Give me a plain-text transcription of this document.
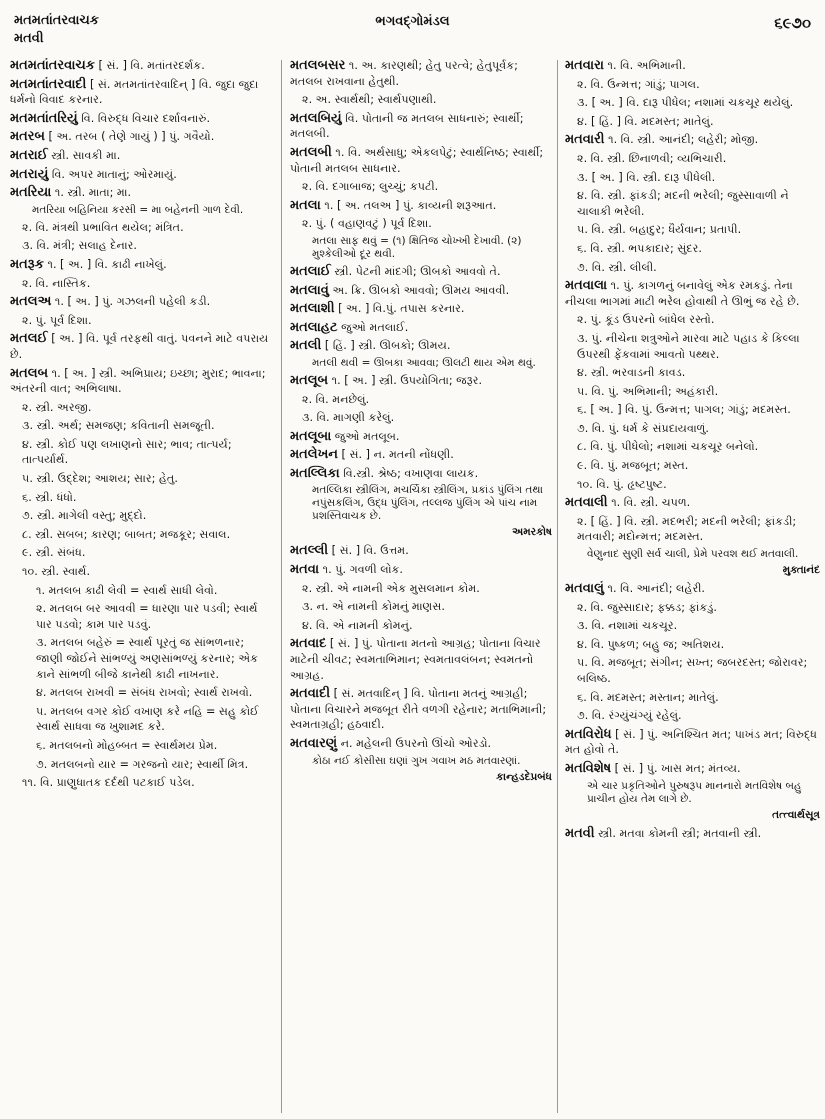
મતમતાંતરવાચક
મતવી
ભગવદ્ગોમંડલ	૬૯૭૦
મતમતાંતરવાચક [ સં. ] વિ. મતાંતરદર્શક.
મતમતાંતરવાદી [ સં. મતમતાંતરવાદિન્ ] વિ. જુદા જુદા ધર્મનો વિવાદ કરનાર.
મતમતાંતરિયું વિ. વિરુદ્ધ વિચાર દર્શાવનારું.
મતરબ [ અ. તરબ ( તેણે ગાયું ) ] પું. ગવૈયો.
મતરાઈ સ્ત્રી. સાવકી મા.
મતરાયું વિ. અપર માતાનું; ઓરમાયું.
મતરિયા ૧. સ્ત્રી. માતા; મા.
મતરિયા બહિનિયા કરસી = મા બહેનની ગાળ દેવી.
૨. વિ. મંત્રથી પ્રભાવિત થયેલ; મંત્રિત.
૩. વિ. મંત્રી; સલાહ દેનાર.
મતરૂક ૧. [ અ. ] વિ. કાઢી નાખેલું.
૨. વિ. નાસ્તિક.
મતલઅ ૧. [ અ. ] પું. ગઝલની પહેલી કડી.
૨. પું. પૂર્વ દિશા.
મતલઈ [ અ. ] વિ. પૂર્વ તરફથી વાતું. પવનને માટે વપરાય છે.
મતલબ ૧. [ અ. ] સ્ત્રી. અભિપ્રાય; ઇચ્છા; મુરાદ; ભાવના; અંતરની વાત; અભિલાષા.
૨. સ્ત્રી. અરજી.
૩. સ્ત્રી. અર્થ; સમજણ; કવિતાની સમજૂતી.
૪. સ્ત્રી. કોઈ પણ લખાણનો સાર; ભાવ; તાત્પર્ય; તાત્પર્યાર્થ.
૫. સ્ત્રી. ઉદ્દેશ; આશય; સાર; હેતુ.
૬. સ્ત્રી. ધંધો.
૭. સ્ત્રી. માગેલી વસ્તુ; મુદ્દો.
૮. સ્ત્રી. સબબ; કારણ; બાબત; મજકૂર; સવાલ.
૯. સ્ત્રી. સંબંધ.
૧૦. સ્ત્રી. સ્વાર્થ.
૧. મતલબ કાઢી લેવી = સ્વાર્થ સાધી લેવો.
૨. મતલબ બર આવવી = ધારણા પાર પડવી; સ્વાર્થ પાર પડવો; કામ પાર પડવું.
૩. મતલબ બહેરું = સ્વાર્થ પૂરતું જ સાંભળનાર; જાણી જોઈને સાંભળ્યું અણસાંભળ્યું કરનાર; એક કાને સાંભળી બીજે કાનેથી કાઢી નાખનાર.
૪. મતલબ રાખવી = સંબંધ રાખવો; સ્વાર્થ રાખવો.
૫. મતલબ વગર કોઈ વખાણ કરે નહિ = સહુ કોઈ સ્વાર્થ સાધવા જ ખુશામદ કરે.
૬. મતલબનો મોહબ્બત = સ્વાર્થમય પ્રેમ.
૭. મતલબનો યાર = ગરજનો યાર; સ્વાર્થી મિત્ર.
૧૧. વિ. પ્રાણુધાતક દર્દથી પટકાઈ પડેલ.
મતલબસર ૧. અ. કારણથી; હેતુ પરત્વે; હેતુપૂર્વક; મતલબ રાખવાના હેતુથી.
૨. અ. સ્વાર્થથી; સ્વાર્થપણાથી.
મતલબિયું વિ. પોતાની જ મતલબ સાધનારું; સ્વાર્થી; મતલબી.
મતલબી ૧. વિ. અર્થસાધુ; એકલપેટું; સ્વાર્થનિષ્ઠ; સ્વાર્થી; પોતાની મતલબ સાધનાર.
૨. વિ. દગાબાજ; લુચ્ચું; કપટી.
મતલા ૧. [ અ. તલઅ ] પું. કાવ્યની શરૂઆત.
૨. પું. ( વહાણવટું ) પૂર્વ દિશા.
મતલા સાફ થવું = (૧) ક્ષિતિજ ચોખ્ખી દેખાવી. (૨) મુશ્કેલીઓ દૂર થવી.
મતલાઈ સ્ત્રી. પેટની માંદગી; ઊબકો આવવો તે.
મતલાવું અ. ક્રિ. ઊબકો આવવો; ઊમય આવવી.
મતલાશી [ અ. ] વિ.પું. તપાસ કરનાર.
મતલાહટ જુઓ મતલાઈ.
મતલી [ હિં. ] સ્ત્રી. ઊબકો; ઊમય.
મતલી થવી = ઊબકા આવવા; ઊલટી થાય એમ થવું.
મતલૂબ ૧. [ અ. ] સ્ત્રી. ઉપયોગિતા; જરૂર.
૨. વિ. મનછેલું.
૩. વિ. માગણી કરેલું.
મતલૂબા જુઓ મતલૂબ.
મતલેખન [ સં. ] ન. મતની નોંધણી.
મતલ્લિકા વિ.સ્ત્રી. શ્રેષ્ઠ; વખાણવા લાયક.
મતલ્લિકા સ્ત્રીલિંગ, મચર્ચિકા સ્ત્રીલિંગ, પ્રકાંડ પુંલિંગ તથા નપુંસકલિંગ, ઉદ્ધ પુંલિંગ, તલ્લજ પુંલિંગ એ પાંચ નામ પ્રશસ્તિવાચક છે.
અમરકોષ
મતલ્લી [ સં. ] વિ. ઉત્તમ.
મતવા ૧. પું. ગવળી લોક.
૨. સ્ત્રી. એ નામની એક મુસલમાન કોમ.
૩. ન. એ નામની કોમનું માણસ.
૪. વિ. એ નામની કોમનું.
મતવાદ [ સં. ] પું. પોતાના મતનો આગ્રહ; પોતાના વિચાર માટેની ચીવટ; સ્વમતાભિમાન; સ્વમતાવલંબન; સ્વમતનો આગ્રહ.
મતવાદી [ સં. મતવાદિન્ ] વિ. પોતાના મતનું આગ્રહી; પોતાના વિચારને મજબૂત રીતે વળગી રહેનાર; મતાભિમાની; સ્વમતાગ્રહી; હઠવાદી.
મતવારણું ન. મહેલની ઉપરનો ઊંચો ઓરડો.
કોઠા નઈ કોસીસા ઘણાં ગુખ ગવાખ મઠ મતવારણાં.
કાન્હડદેપ્રબંધ
મતવારા ૧. વિ. અભિમાની.
૨. વિ. ઉન્મત્ત; ગાંડું; પાગલ.
૩. [ અ. ] વિ. દારૂ પીધેલ; નશામાં ચકચૂર થયેલું.
૪. [ હિં. ] વિ. મદમસ્ત; માતેલું.
મતવારી ૧. વિ. સ્ત્રી. આનંદી; લહેરી; મોજી.
૨. વિ. સ્ત્રી. છિનાળવી; વ્યભિચારી.
૩. [ અ. ] વિ. સ્ત્રી. દારૂ પીધેલી.
૪. વિ. સ્ત્રી. ફાંકડી; મદની ભરેલી; જુસ્સાવાળી ને ચાલાકી ભરેલી.
૫. વિ. સ્ત્રી. બહાદુર; ધૈર્યવાન; પ્રતાપી.
૬. વિ. સ્ત્રી. ભપકાદાર; સુંદર.
૭. વિ. સ્ત્રી. લીલી.
મતવાલા ૧. પું. કાગળનું બનાવેલું એક રમકડું. તેના નીચલા ભાગમાં માટી ભરેલ હોવાથી તે ઊભું જ રહે છે.
૨. પું. કૂંડ ઉપરનો બાંધેલ રસ્તો.
૩. પું. નીચેના શત્રુઓને મારવા માટે પહાડ કે કિલ્લા ઉપરથી ફેંકવામાં આવતો પથ્થર.
૪. સ્ત્રી. ભરવાડની કાવડ.
૫. વિ. પું. અભિમાની; અહંકારી.
૬. [ અ. ] વિ. પું. ઉન્મત્ત; પાગલ; ગાંડું; મદમસ્ત.
૭. વિ. પું. ધર્મ કે સંપ્રદાયવાળું.
૮. વિ. પું. પીધેલો; નશામાં ચકચૂર બનેલો.
૯. વિ. પું. મજબૂત; મસ્ત.
૧૦. વિ. પું. હૃષ્ટપુષ્ટ.
મતવાલી ૧. વિ. સ્ત્રી. ચપળ.
૨. [ હિં. ] વિ. સ્ત્રી. મદભરી; મદની ભરેલી; ફાંકડી; મતવારી; મદોન્મત્ત; મદમસ્ત.
વેણુનાદ સુણી સર્વ ચાલી, પ્રેમે પરવશ થઈ મતવાલી.
મુક્તાનંદ
મતવાલું ૧. વિ. આનંદી; લહેરી.
૨. વિ. જુસ્સાદાર; ફક્કડ; ફાંકડું.
૩. વિ. નશામાં ચકચૂર.
૪. વિ. પુષ્કળ; બહુ જ; અતિશય.
૫. વિ. મજબૂત; સંગીન; સખ્ત; જબરદસ્ત; જોરાવર; બલિષ્ઠ.
૬. વિ. મદમસ્ત; મસ્તાન; માતેલું.
૭. વિ. રંગ્યુંચંગ્યું રહેલું.
મતવિરોધ [ સં. ] પું. અનિશ્ચિત મત; પાખંડ મત; વિરુદ્ધ મત હોવો તે.
મતવિશેષ [ સં. ] પું. ખાસ મત; મંતવ્ય.
એ ચાર પ્રકૃતિઓને પુરુષરૂપ માનનારો મતવિશેષ બહુ પ્રાચીન હોય તેમ લાગે છે.
તત્ત્વાર્થસૂત્ર
મતવી સ્ત્રી. મતવા કોમની સ્ત્રી; મતવાની સ્ત્રી.
